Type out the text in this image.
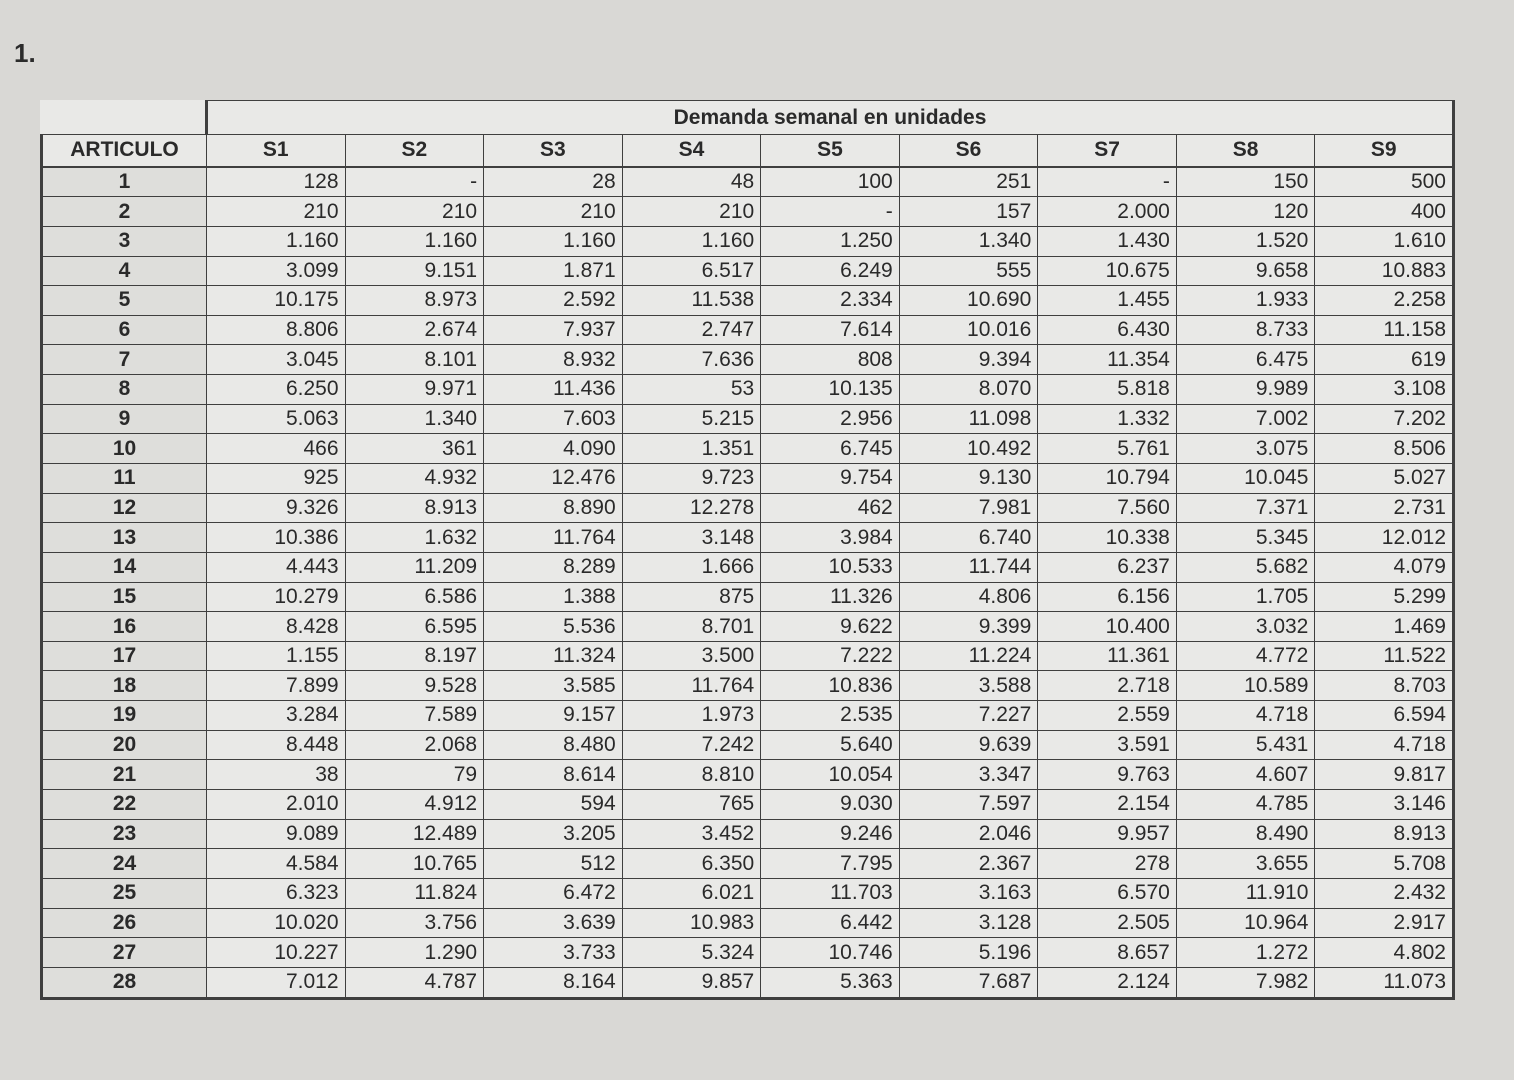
1.
	Demanda semanal en unidades								
ARTICULO	S1	S2	S3	S4	S5	S6	S7	S8	S9
1	128	-	28	48	100	251	-	150	500
2	210	210	210	210	-	157	2.000	120	400
3	1.160	1.160	1.160	1.160	1.250	1.340	1.430	1.520	1.610
4	3.099	9.151	1.871	6.517	6.249	555	10.675	9.658	10.883
5	10.175	8.973	2.592	11.538	2.334	10.690	1.455	1.933	2.258
6	8.806	2.674	7.937	2.747	7.614	10.016	6.430	8.733	11.158
7	3.045	8.101	8.932	7.636	808	9.394	11.354	6.475	619
8	6.250	9.971	11.436	53	10.135	8.070	5.818	9.989	3.108
9	5.063	1.340	7.603	5.215	2.956	11.098	1.332	7.002	7.202
10	466	361	4.090	1.351	6.745	10.492	5.761	3.075	8.506
11	925	4.932	12.476	9.723	9.754	9.130	10.794	10.045	5.027
12	9.326	8.913	8.890	12.278	462	7.981	7.560	7.371	2.731
13	10.386	1.632	11.764	3.148	3.984	6.740	10.338	5.345	12.012
14	4.443	11.209	8.289	1.666	10.533	11.744	6.237	5.682	4.079
15	10.279	6.586	1.388	875	11.326	4.806	6.156	1.705	5.299
16	8.428	6.595	5.536	8.701	9.622	9.399	10.400	3.032	1.469
17	1.155	8.197	11.324	3.500	7.222	11.224	11.361	4.772	11.522
18	7.899	9.528	3.585	11.764	10.836	3.588	2.718	10.589	8.703
19	3.284	7.589	9.157	1.973	2.535	7.227	2.559	4.718	6.594
20	8.448	2.068	8.480	7.242	5.640	9.639	3.591	5.431	4.718
21	38	79	8.614	8.810	10.054	3.347	9.763	4.607	9.817
22	2.010	4.912	594	765	9.030	7.597	2.154	4.785	3.146
23	9.089	12.489	3.205	3.452	9.246	2.046	9.957	8.490	8.913
24	4.584	10.765	512	6.350	7.795	2.367	278	3.655	5.708
25	6.323	11.824	6.472	6.021	11.703	3.163	6.570	11.910	2.432
26	10.020	3.756	3.639	10.983	6.442	3.128	2.505	10.964	2.917
27	10.227	1.290	3.733	5.324	10.746	5.196	8.657	1.272	4.802
28	7.012	4.787	8.164	9.857	5.363	7.687	2.124	7.982	11.073
